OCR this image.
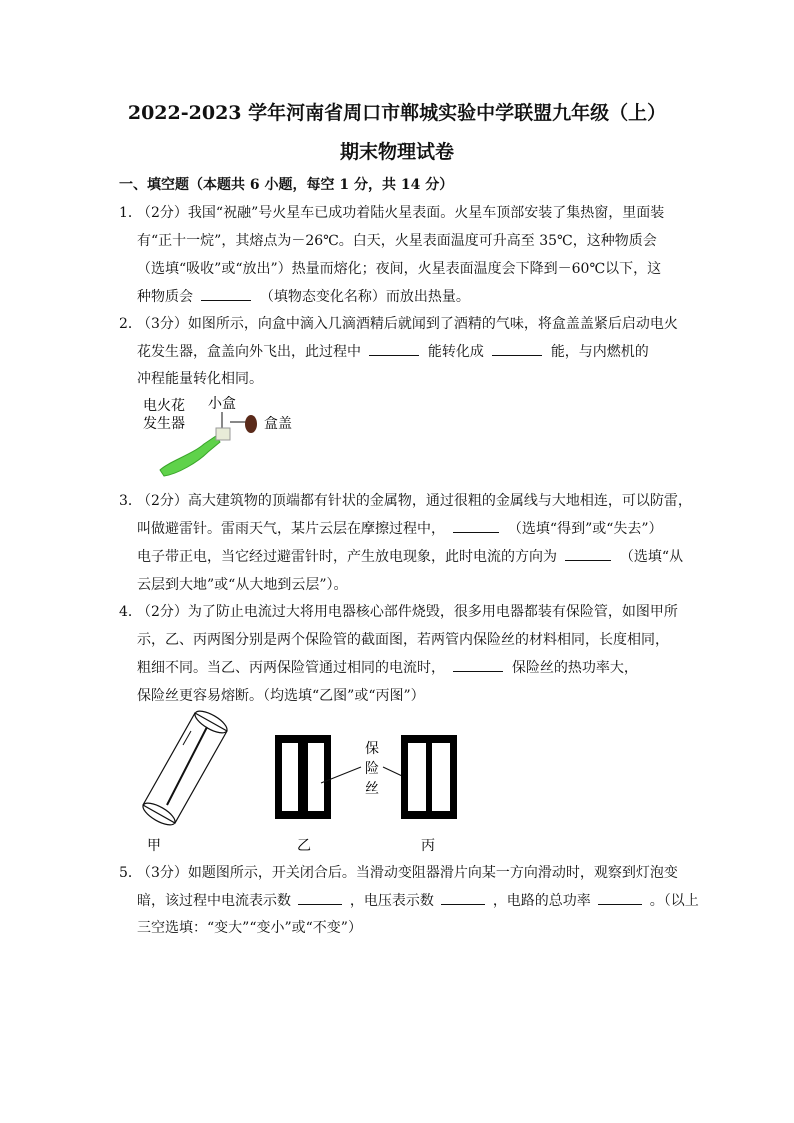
2022-2023 学年河南省周口市郸城实验中学联盟九年级（上）
期末物理试卷
一、填空题（本题共 6 小题，每空 1 分，共 14 分）
1．
（2分）我国“祝融”号火星车已成功着陆火星表面。火星车顶部安装了集热窗，里面装
有“正十一烷”，其熔点为－26℃。白天，火星表面温度可升高至 35℃，这种物质会
（选填“吸收”或“放出”）热量而熔化；夜间，火星表面温度会下降到－60℃以下，这
种物质会	（填物态变化名称）而放出热量。
2．
（3分）如图所示，向盒中滴入几滴酒精后就闻到了酒精的气味，将盒盖盖紧后启动电火
花发生器，盒盖向外飞出，此过程中	能转化成	能，与内燃机的
冲程能量转化相同。
电火花
发生器
小盒
盒盖
3．
（2分）高大建筑物的顶端都有针状的金属物，通过很粗的金属线与大地相连，可以防雷，
叫做避雷针。雷雨天气，某片云层在摩擦过程中，	（选填“得到”或“失去”）
电子带正电，当它经过避雷针时，产生放电现象，此时电流的方向为	（选填“从
云层到大地”或“从大地到云层”）。
4．
（2分）为了防止电流过大将用电器核心部件烧毁，很多用电器都装有保险管，如图甲所
示，乙、丙两图分别是两个保险管的截面图，若两管内保险丝的材料相同，长度相同，
粗细不同。当乙、丙两保险管通过相同的电流时，	保险丝的热功率大，
保险丝更容易熔断。（均选填“乙图”或“丙图”）
甲	乙
保
险
丝
丙
5．
（3分）如题图所示，开关闭合后。当滑动变阻器滑片向某一方向滑动时，观察到灯泡变
暗，该过程中电流表示数	，电压表示数	，电路的总功率	。（以上
三空选填：“变大”“变小”或“不变”）
